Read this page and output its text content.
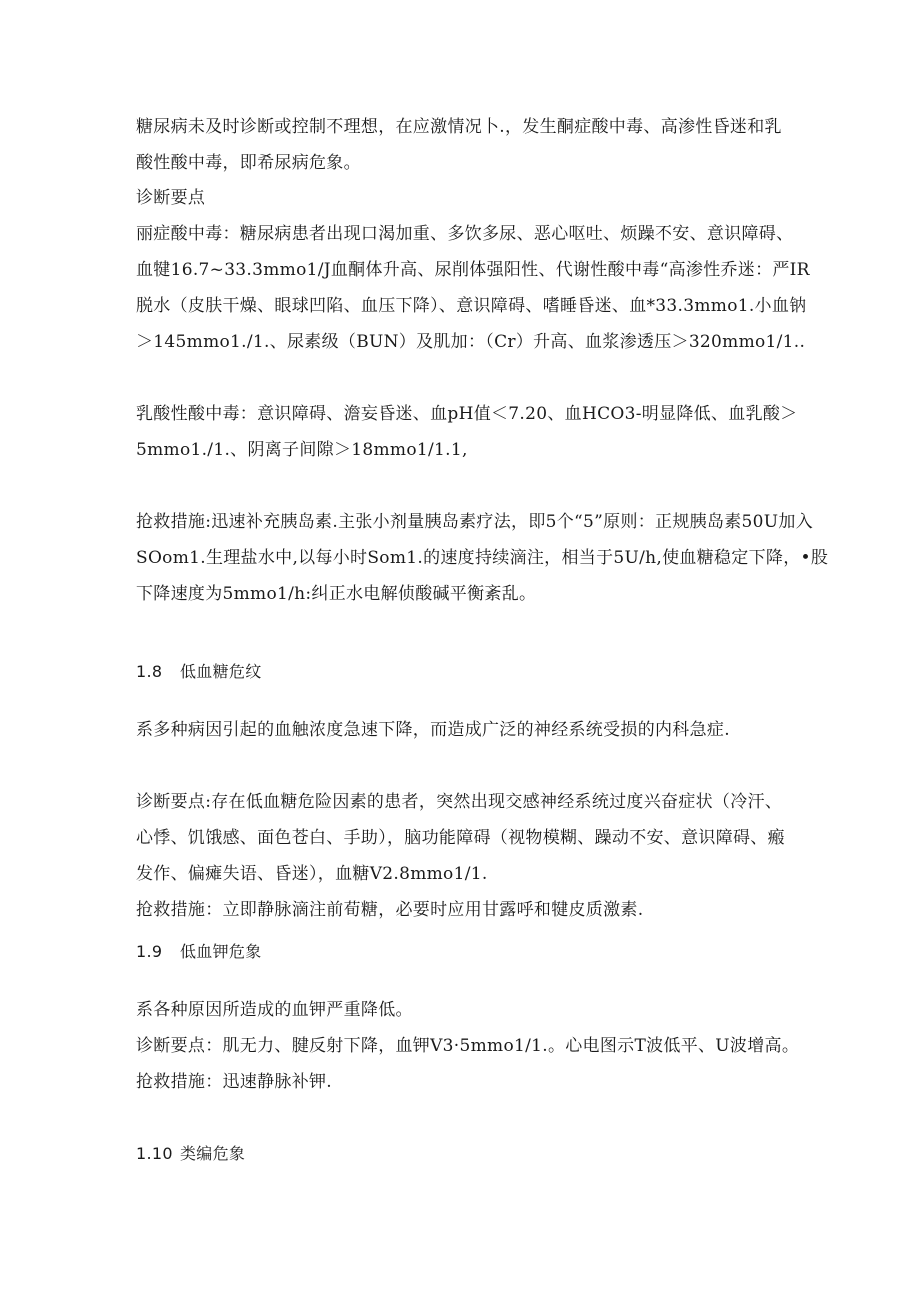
糖尿病未及时诊断或控制不理想，在应激情况卜.，发生酮症酸中毒、高渗性昏迷和乳
酸性酸中毒，即希尿病危象。
诊断要点
丽症酸中毒：糖尿病患者出现口渴加重、多饮多尿、恶心呕吐、烦躁不安、意识障碍、
血犍16.7~33.3mmo1/J血酮体升高、尿削体强阳性、代谢性酸中毒“高渗性乔迷：严IR
脱水（皮肤干燥、眼球凹陷、血压下降）、意识障碍、嗜睡昏迷、血*33.3mmo1.小血钠
＞145mmo1./1.、尿素级（BUN）及肌加：（Cr）升高、血浆渗透压＞320mmo1/1..
乳酸性酸中毒：意识障碍、澹妄昏迷、血pH值＜7.20、血HCO3-明显降低、血乳酸＞
5mmo1./1.、阴离子间隙＞18mmo1/1.1,
抢救措施:迅速补充胰岛素.主张小剂量胰岛素疗法，即5个“5”原则：正规胰岛素50U加入
SOom1.生理盐水中,以每小时Som1.的速度持续滴注，相当于5U/h,使血糖稳定下降，•股
下降速度为5mmo1/h:纠正水电解侦酸碱平衡紊乱。
1.8 低血糖危纹
系多种病因引起的血触浓度急速下降，而造成广泛的神经系统受损的内科急症.
诊断要点:存在低血糖危险因素的患者，突然出现交感神经系统过度兴奋症状（冷汗、
心悸、饥饿感、面色苍白、手助），脑功能障碍（视物模糊、躁动不安、意识障碍、瘢
发作、偏瘫失语、昏迷），血糖V2.8mmo1/1.
抢救措施：立即静脉滴注前荀糖，必要时应用甘露呼和犍皮质激素.
1.9 低血钾危象
系各种原因所造成的血钾严重降低。
诊断要点：肌无力、腱反射下降，血钾V3·5mmo1/1.。心电图示T波低平、U波增高。
抢救措施：迅速静脉补钾.
1.10 类编危象
